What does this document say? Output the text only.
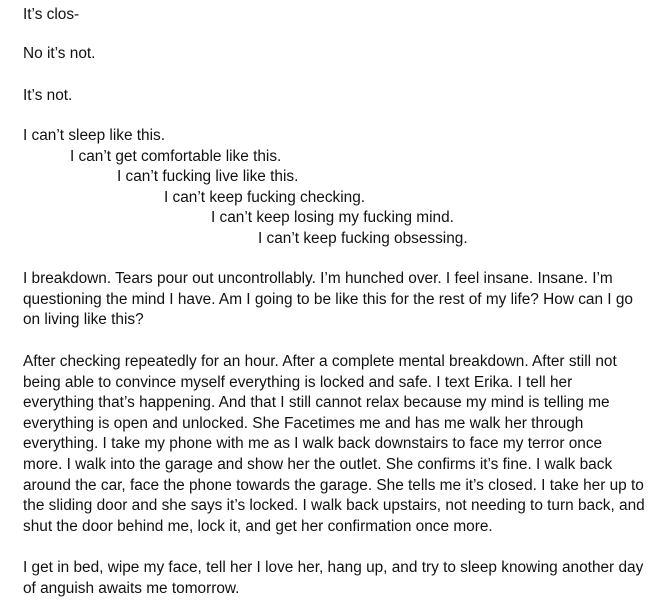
It’s clos-

No it’s not.

It’s not.

I can’t sleep like this.

I can’t get comfortable like this.

I can’t fucking live like this.

I can’t keep fucking checking.

I can’t keep losing my fucking mind.

I can’t keep fucking obsessing.

I breakdown. Tears pour out uncontrollably. I’m hunched over. I feel insane. Insane. I’m questioning the mind I have. Am I going to be like this for the rest of my life? How can I go on living like this?

After checking repeatedly for an hour. After a complete mental breakdown. After still not being able to convince myself everything is locked and safe. I text Erika. I tell her everything that’s happening. And that I still cannot relax because my mind is telling me everything is open and unlocked. She Facetimes me and has me walk her through everything. I take my phone with me as I walk back downstairs to face my terror once more. I walk into the garage and show her the outlet. She confirms it’s fine. I walk back around the car, face the phone towards the garage. She tells me it’s closed. I take her up to the sliding door and she says it’s locked. I walk back upstairs, not needing to turn back, and shut the door behind me, lock it, and get her confirmation once more.

I get in bed, wipe my face, tell her I love her, hang up, and try to sleep knowing another day of anguish awaits me tomorrow.
